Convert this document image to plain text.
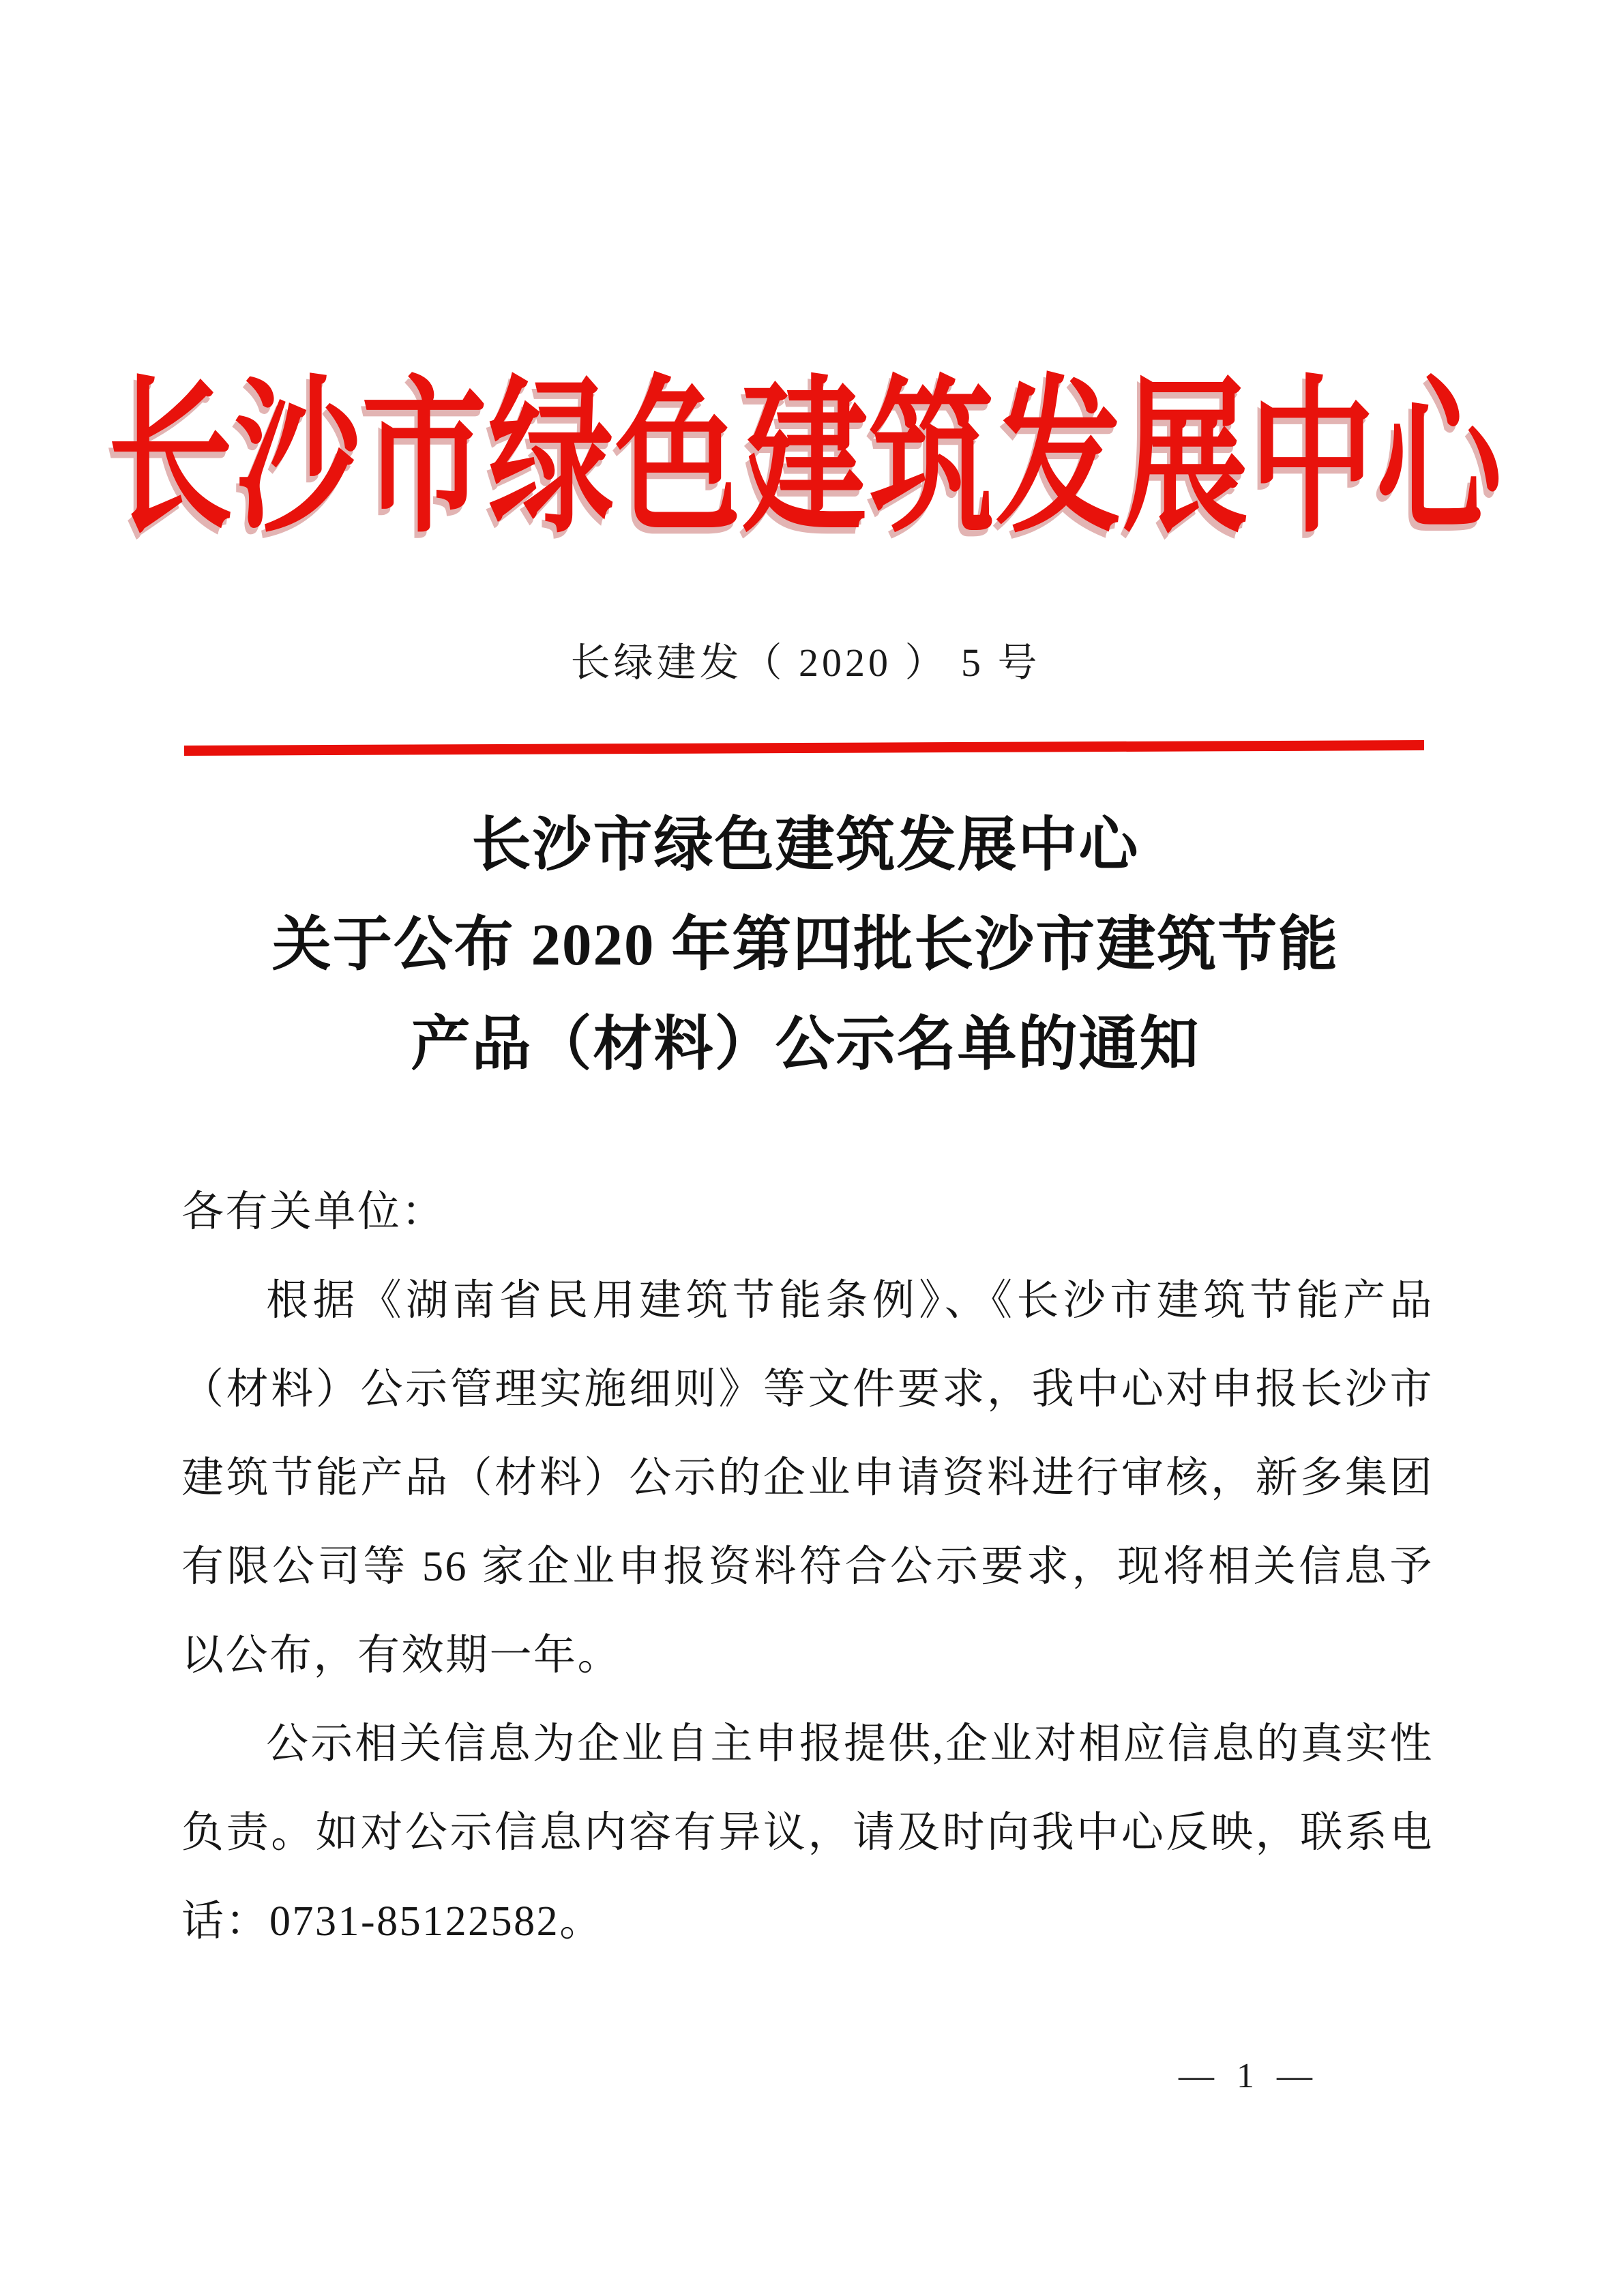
长沙市绿色建筑发展中心
长绿建发（ 2020 ） 5 号
长沙市绿色建筑发展中心
关于公布 2020 年第四批长沙市建筑节能
产品（材料）公示名单的通知

各有关单位：

根据《湖南省民用建筑节能条例》、《长沙市建筑节能产品（材料）公示管理实施细则》等文件要求，我中心对申报长沙市建筑节能产品（材料）公示的企业申请资料进行审核，新多集团有限公司等 56 家企业申报资料符合公示要求，现将相关信息予以公布，有效期一年。

公示相关信息为企业自主申报提供,企业对相应信息的真实性负责。如对公示信息内容有异议，请及时向我中心反映，联系电话：0731-85122582。

— 1 —
